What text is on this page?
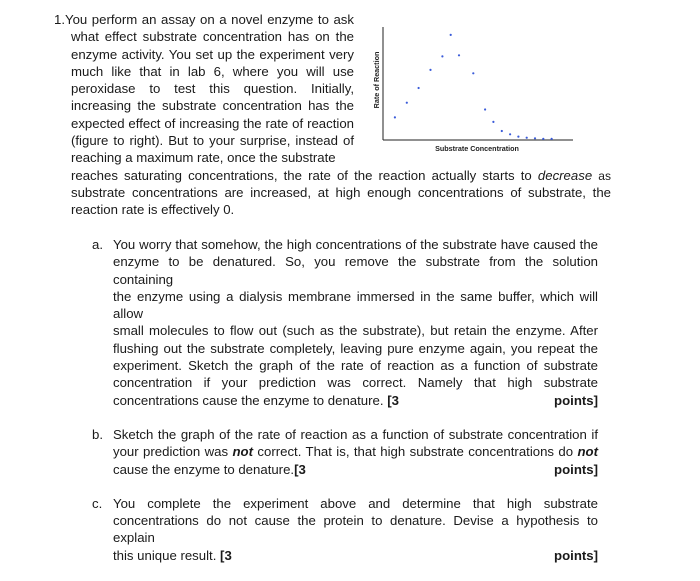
1.You perform an assay on a novel enzyme to ask
what effect substrate concentration has on the
enzyme activity. You set up the experiment very
much like that in lab 6, where you will use
peroxidase to test this question. Initially,
increasing the substrate concentration has the
expected effect of increasing the rate of reaction
(figure to right). But to your surprise, instead of
reaching a maximum rate, once the substrate
reaches saturating concentrations, the rate of the reaction actually starts to decrease as
substrate concentrations are increased, at high enough concentrations of substrate, the
reaction rate is effectively 0.
Rate of Reaction
Substrate Concentration
a. You worry that somehow, the high concentrations of the substrate have caused the
enzyme to be denatured. So, you remove the substrate from the solution containing
the enzyme using a dialysis membrane immersed in the same buffer, which will allow
small molecules to flow out (such as the substrate), but retain the enzyme. After
flushing out the substrate completely, leaving pure enzyme again, you repeat the
experiment. Sketch the graph of the rate of reaction as a function of substrate
concentration if your prediction was correct. Namely that high substrate
concentrations cause the enzyme to denature. [3	points]
b. Sketch the graph of the rate of reaction as a function of substrate concentration if
your prediction was not correct. That is, that high substrate concentrations do not
cause the enzyme to denature.[3	points]
c. You complete the experiment above and determine that high substrate
concentrations do not cause the protein to denature. Devise a hypothesis to explain
this unique result. [3	points]
